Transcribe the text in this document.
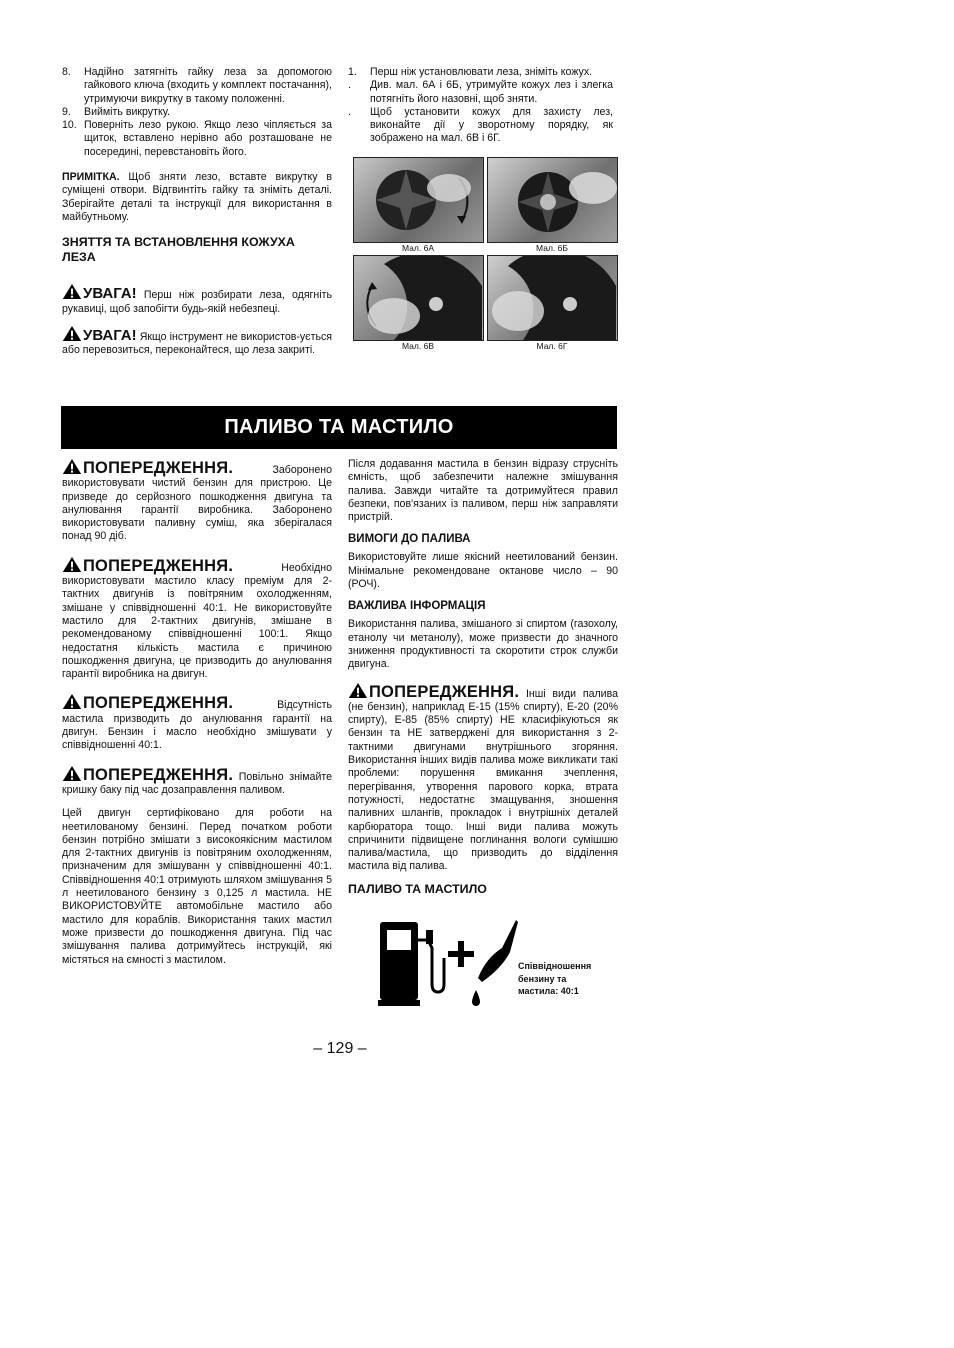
8. Надійно затягніть гайку леза за допомогою гайкового ключа (входить у комплект постачання), утримуючи викрутку в такому положенні.
9. Вийміть викрутку.
10. Поверніть лезо рукою. Якщо лезо чіпляється за щиток, вставлено нерівно або розташоване не посередині, перевстановіть його.

ПРИМІТКА. Щоб зняти лезо, вставте викрутку в суміщені отвори. Відгвинтіть гайку та зніміть деталі. Зберігайте деталі та інструкції для використання в майбутньому.

ЗНЯТТЯ ТА ВСТАНОВЛЕННЯ КОЖУХА ЛЕЗА

УВАГА! Перш ніж розбирати леза, одягніть рукавиці, щоб запобігти будь-якій небезпеці.

УВАГА! Якщо інструмент не використов-ується або перевозиться, переконайтеся, що леза закриті.

1. Перш ніж установлювати леза, зніміть кожух.
. Див. мал. 6А і 6Б, утримуйте кожух лез і злегка потягніть його назовні, щоб зняти.
. Щоб установити кожух для захисту лез, виконайте дії у зворотному порядку, як зображено на мал. 6В і 6Г.
Мал. 6А	Мал. 6Б
Мал. 6В	Мал. 6Г
ПАЛИВО ТА МАСТИЛО

ПОПЕРЕДЖЕННЯ.	Заборонено використовувати чистий бензин для пристрою. Це призведе до серйозного пошкодження двигуна та анулювання гарантії виробника. Заборонено використовувати паливну суміш, яка зберігалася понад 90 діб.

ПОПЕРЕДЖЕННЯ.	Необхідно використовувати мастило класу преміум для 2-тактних двигунів із повітряним охолодженням, змішане у співвідношенні 40:1. Не використовуйте мастило для 2-тактних двигунів, змішане в рекомендованому співвідношенні 100:1. Якщо недостатня кількість мастила є причиною пошкодження двигуна, це призводить до анулювання гарантії виробника на двигун.

ПОПЕРЕДЖЕННЯ.	Відсутність мастила призводить до анулювання гарантії на двигун. Бензин і масло необхідно змішувати у співвідношенні 40:1.

ПОПЕРЕДЖЕННЯ. Повільно знімайте кришку баку під час дозаправлення паливом.

Цей двигун сертифіковано для роботи на неетилованому бензині. Перед початком роботи бензин потрібно змішати з високоякісним мастилом для 2-тактних двигунів із повітряним охолодженням, призначеним для змішуванн у співвідношенні 40:1. Співвідношення 40:1 отримують шляхом змішування 5 л неетилованого бензину з 0,125 л мастила. НЕ ВИКОРИСТОВУЙТЕ автомобільне мастило або мастило для кораблів. Використання таких мастил може призвести до пошкодження двигуна. Під час змішування палива дотримуйтесь інструкцій, які містяться на ємності з мастилом.

Після додавання мастила в бензин відразу струсніть ємність, щоб забезпечити належне змішування палива. Завжди читайте та дотримуйтеся правил безпеки, пов'язаних із паливом, перш ніж заправляти пристрій.

ВИМОГИ ДО ПАЛИВА

Використовуйте лише якісний неетилований бензин. Мінімальне рекомендоване октанове число – 90 (РОЧ).

ВАЖЛИВА ІНФОРМАЦІЯ

Використання палива, змішаного зі спиртом (газохолу, етанолу чи метанолу), може призвести до значного зниження продуктивності та скоротити строк служби двигуна.

ПОПЕРЕДЖЕННЯ. Інші види палива (не бензин), наприклад E-15 (15% спирту), E-20 (20% спирту), E-85 (85% спирту) НЕ класифікуються як бензин та НЕ затверджені для використання з 2-тактними двигунами внутрішнього згоряння. Використання інших видів палива може викликати такі проблеми: порушення вмикання зчеплення, перегрівання, утворення парового корка, втрата потужності, недостатнє змащування, зношення паливних шлангів, прокладок і внутрішніх деталей карбюратора тощо. Інші види палива можуть спричинити підвищене поглинання вологи сумішшю палива/мастила, що призводить до відділення мастила від палива.

ПАЛИВО ТА МАСТИЛО

Співвідношення
бензину та
мастила: 40:1
– 129 –
